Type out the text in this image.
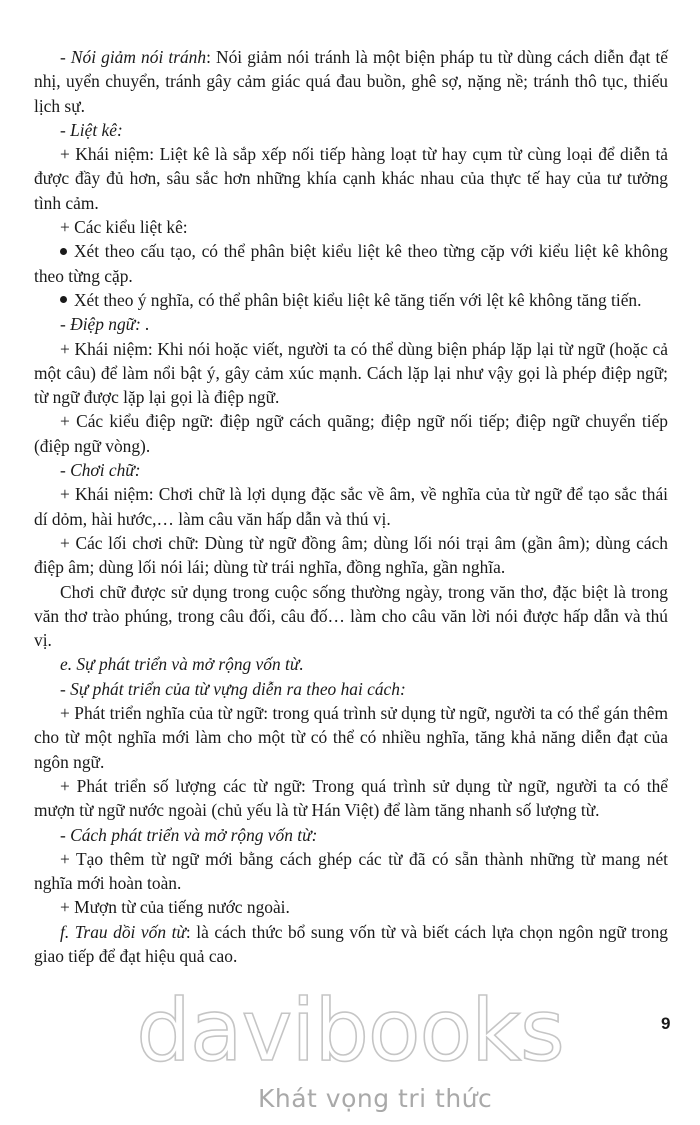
- Nói giảm nói tránh: Nói giảm nói tránh là một biện pháp tu từ dùng cách diễn đạt tế nhị, uyển chuyển, tránh gây cảm giác quá đau buồn, ghê sợ, nặng nề; tránh thô tục, thiếu lịch sự.

- Liệt kê:

+ Khái niệm: Liệt kê là sắp xếp nối tiếp hàng loạt từ hay cụm từ cùng loại để diễn tả được đầy đủ hơn, sâu sắc hơn những khía cạnh khác nhau của thực tế hay của tư tưởng tình cảm.

+ Các kiểu liệt kê:

Xét theo cấu tạo, có thể phân biệt kiểu liệt kê theo từng cặp với kiểu liệt kê không theo từng cặp.

Xét theo ý nghĩa, có thể phân biệt kiểu liệt kê tăng tiến với lệt kê không tăng tiến.

- Điệp ngữ: .

+ Khái niệm: Khi nói hoặc viết, người ta có thể dùng biện pháp lặp lại từ ngữ (hoặc cả một câu) để làm nổi bật ý, gây cảm xúc mạnh. Cách lặp lại như vậy gọi là phép điệp ngữ; từ ngữ được lặp lại gọi là điệp ngữ.

+ Các kiểu điệp ngữ: điệp ngữ cách quãng; điệp ngữ nối tiếp; điệp ngữ chuyển tiếp (điệp ngữ vòng).

- Chơi chữ:

+ Khái niệm: Chơi chữ là lợi dụng đặc sắc về âm, về nghĩa của từ ngữ để tạo sắc thái dí dỏm, hài hước,… làm câu văn hấp dẫn và thú vị.

+ Các lối chơi chữ: Dùng từ ngữ đồng âm; dùng lối nói trại âm (gần âm); dùng cách điệp âm; dùng lối nói lái; dùng từ trái nghĩa, đồng nghĩa, gần nghĩa.

Chơi chữ được sử dụng trong cuộc sống thường ngày, trong văn thơ, đặc biệt là trong văn thơ trào phúng, trong câu đối, câu đố… làm cho câu văn lời nói được hấp dẫn và thú vị.

e. Sự phát triển và mở rộng vốn từ.

- Sự phát triển của từ vựng diễn ra theo hai cách:

+ Phát triển nghĩa của từ ngữ: trong quá trình sử dụng từ ngữ, người ta có thể gán thêm cho từ một nghĩa mới làm cho một từ có thể có nhiều nghĩa, tăng khả năng diễn đạt của ngôn ngữ.

+ Phát triển số lượng các từ ngữ: Trong quá trình sử dụng từ ngữ, người ta có thể mượn từ ngữ nước ngoài (chủ yếu là từ Hán Việt) để làm tăng nhanh số lượng từ.

- Cách phát triển và mở rộng vốn từ:

+ Tạo thêm từ ngữ mới bằng cách ghép các từ đã có sẵn thành những từ mang nét nghĩa mới hoàn toàn.

+ Mượn từ của tiếng nước ngoài.

f. Trau dồi vốn từ: là cách thức bổ sung vốn từ và biết cách lựa chọn ngôn ngữ trong giao tiếp để đạt hiệu quả cao.

davibooks
Khát vọng tri thức
9
